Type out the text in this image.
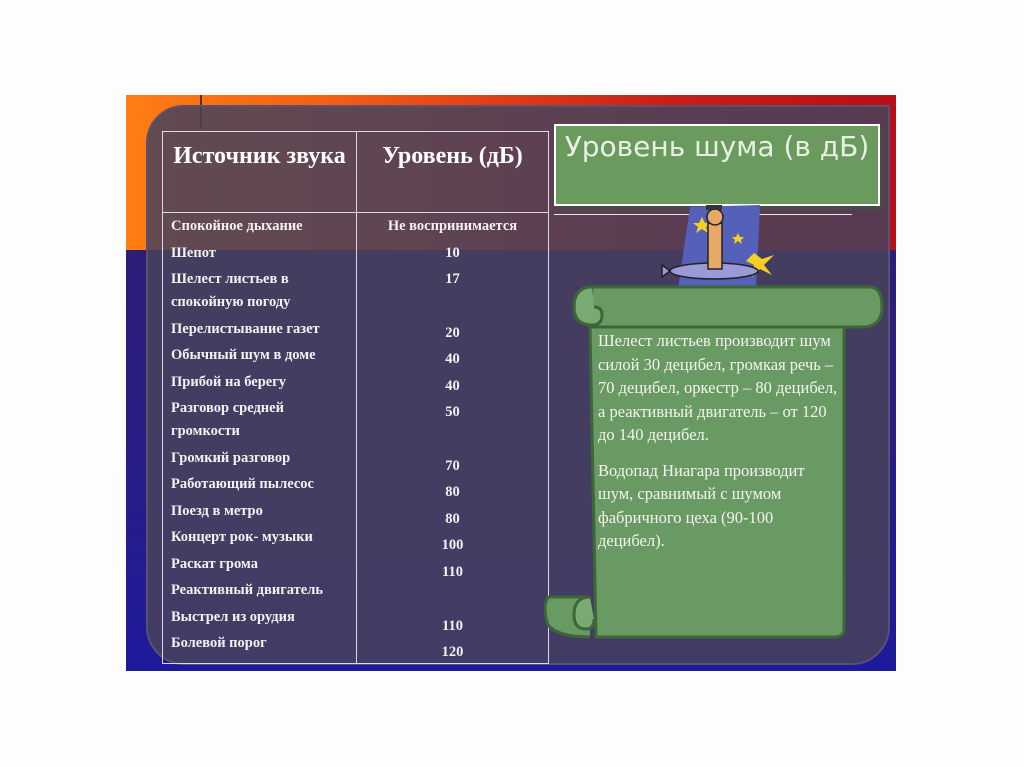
Источник звука	Уровень (дБ)
Спокойное дыхание
Шепот
Шелест листьев в
спокойную погоду
Перелистывание газет
Обычный шум в доме
Прибой на берегу
Разговор средней
громкости
Громкий разговор
Работающий пылесос
Поезд в метро
Концерт рок- музыки
Раскат грома
Реактивный двигатель
Выстрел из орудия
Болевой порог
Не воспринимается
10
17
20
40
40
50
70
80
80
100
110
110
120
Уровень шума (в дБ)

Шелест листьев производит шум силой 30 децибел, громкая речь – 70 децибел, оркестр – 80 децибел, а реактивный двигатель – от 120 до 140 децибел.

Водопад Ниагара производит шум, сравнимый с шумом фабричного цеха (90-100 децибел).
